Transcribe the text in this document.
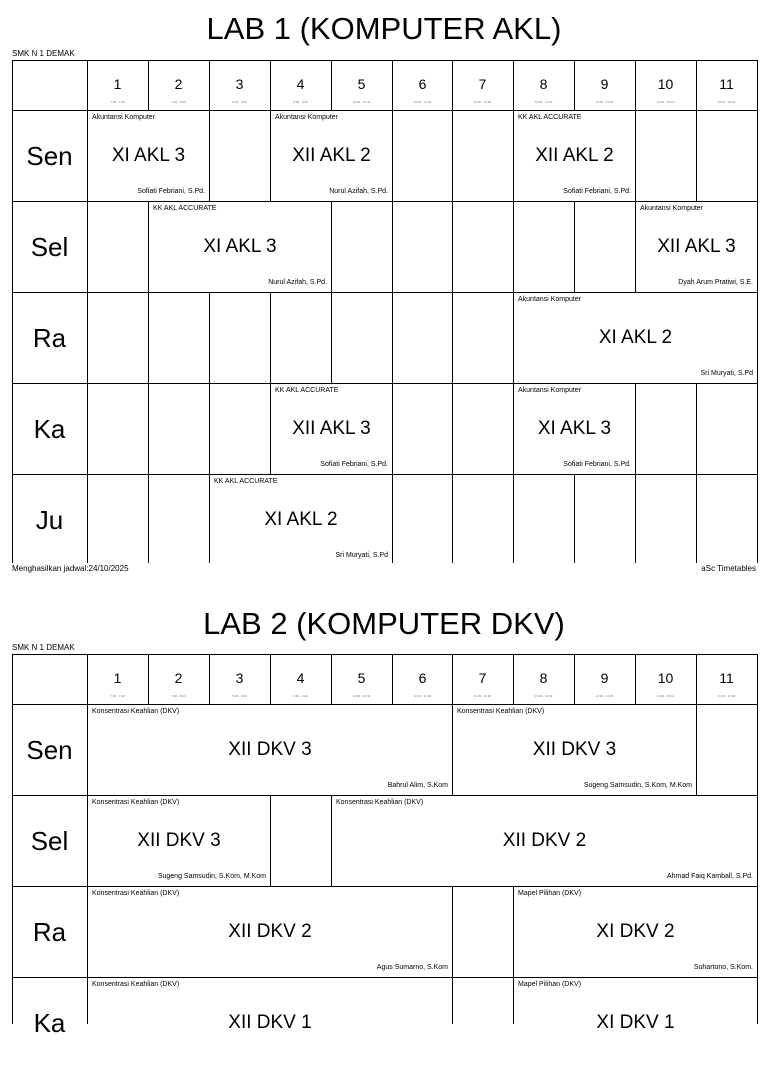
LAB 1 (KOMPUTER AKL)
SMK N 1 DEMAK
1
7:00 - 7:40
2
7:40 - 8:20
3
8:20 - 9:00
4
9:00 - 9:40
5
10:00 - 10:40
6
10:40 - 11:20
7
11:20 - 12:00
8
13:00 - 13:40
9
13:40 - 14:20
10
14:20 - 15:10
11
15:10 - 16:00
Sen
Sel
Ra
Ka
Ju
Akuntansi Komputer
XI AKL 3
Sofiati Febriani, S.Pd.
Akuntansi Komputer
XII AKL 2
Nurul Azifah, S.Pd.
KK AKL ACCURATE
XII AKL 2
Sofiati Febriani, S.Pd.
KK AKL ACCURATE
XI AKL 3
Nurul Azifah, S.Pd.
Akuntansi Komputer
XII AKL 3
Dyah Arum Pratiwi, S.E.
Akuntansi Komputer
XI AKL 2
Sri Muryati, S.Pd
KK AKL ACCURATE
XII AKL 3
Sofiati Febriani, S.Pd.
Akuntansi Komputer
XI AKL 3
Sofiati Febriani, S.Pd.
KK AKL ACCURATE
XI AKL 2
Sri Muryati, S.Pd
Menghasilkan jadwal:24/10/2025	aSc Timetables
LAB 2 (KOMPUTER DKV)
SMK N 1 DEMAK
1
7:00 - 7:40
2
7:40 - 8:20
3
8:20 - 9:00
4
9:00 - 9:40
5
10:00 - 10:40
6
10:40 - 11:20
7
11:20 - 12:00
8
13:00 - 13:40
9
13:40 - 14:20
10
14:20 - 15:10
11
15:10 - 16:00
Sen
Sel
Ra
Ka
Konsentrasi Keahlian (DKV)
XII DKV 3
Bahrul Alim, S.Kom
Konsentrasi Keahlian (DKV)
XII DKV 3
Sugeng Samsudin, S.Kom, M.Kom
Konsentrasi Keahlian (DKV)
XII DKV 3
Sugeng Samsudin, S.Kom, M.Kom
Konsentrasi Keahlian (DKV)
XII DKV 2
Ahmad Faiq Kamball, S.Pd.
Konsentrasi Keahlian (DKV)
XII DKV 2
Agus Sumarno, S.Kom
Mapel Pilihan (DKV)
XI DKV 2
Suhartono, S.Kom.
Konsentrasi Keahlian (DKV)
XII DKV 1
Mapel Pilihan (DKV)
XI DKV 1
